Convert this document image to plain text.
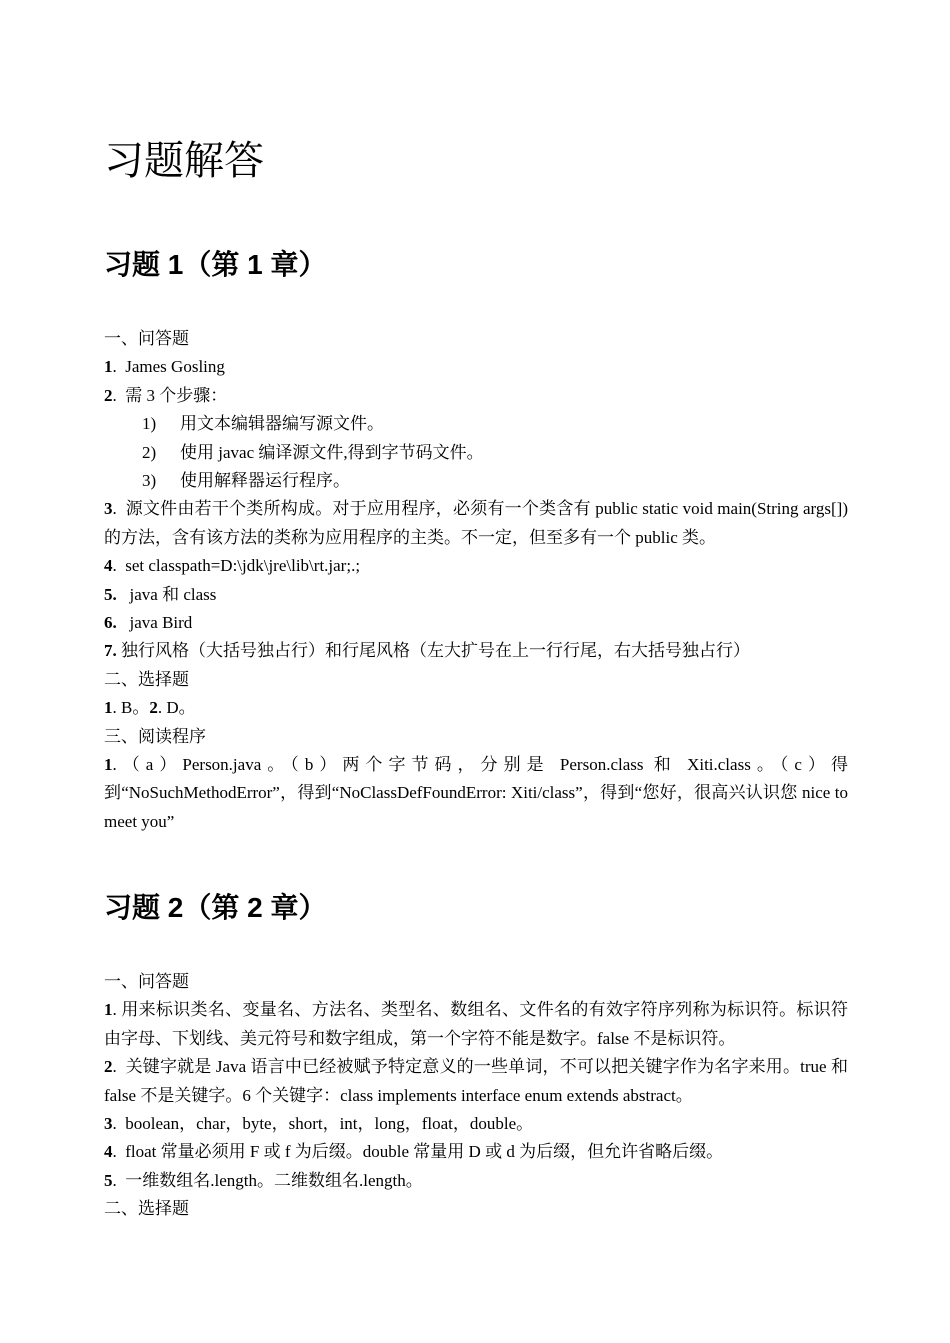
习题解答
习题 1（第 1 章）
一、问答题
1. James Gosling
2. 需 3 个步骤：
1) 用文本编辑器编写源文件。
2) 使用 javac 编译源文件,得到字节码文件。
3) 使用解释器运行程序。
3. 源文件由若干个类所构成。对于应用程序，必须有一个类含有 public static void main(String args[])的方法，含有该方法的类称为应用程序的主类。不一定，但至多有一个 public 类。
4. set classpath=D:\jdk\jre\lib\rt.jar;.;
5. java 和 class
6. java Bird
7. 独行风格（大括号独占行）和行尾风格（左大扩号在上一行行尾，右大括号独占行）
二、选择题
1. B。2. D。
三、阅读程序
1.（a）Person.java。（b）两个字节码，分别是 Person.class 和 Xiti.class。（c）得到“NoSuchMethodError”，得到“NoClassDefFoundError: Xiti/class”，得到“您好，很高兴认识您 nice to meet you”
习题 2（第 2 章）
一、问答题
1. 用来标识类名、变量名、方法名、类型名、数组名、文件名的有效字符序列称为标识符。标识符由字母、下划线、美元符号和数字组成，第一个字符不能是数字。false 不是标识符。
2. 关键字就是 Java 语言中已经被赋予特定意义的一些单词，不可以把关键字作为名字来用。true 和 false 不是关键字。6 个关键字：class implements interface enum extends abstract。
3. boolean，char，byte，short，int，long，float，double。
4. float 常量必须用 F 或 f 为后缀。double 常量用 D 或 d 为后缀，但允许省略后缀。
5. 一维数组名.length。二维数组名.length。
二、选择题
